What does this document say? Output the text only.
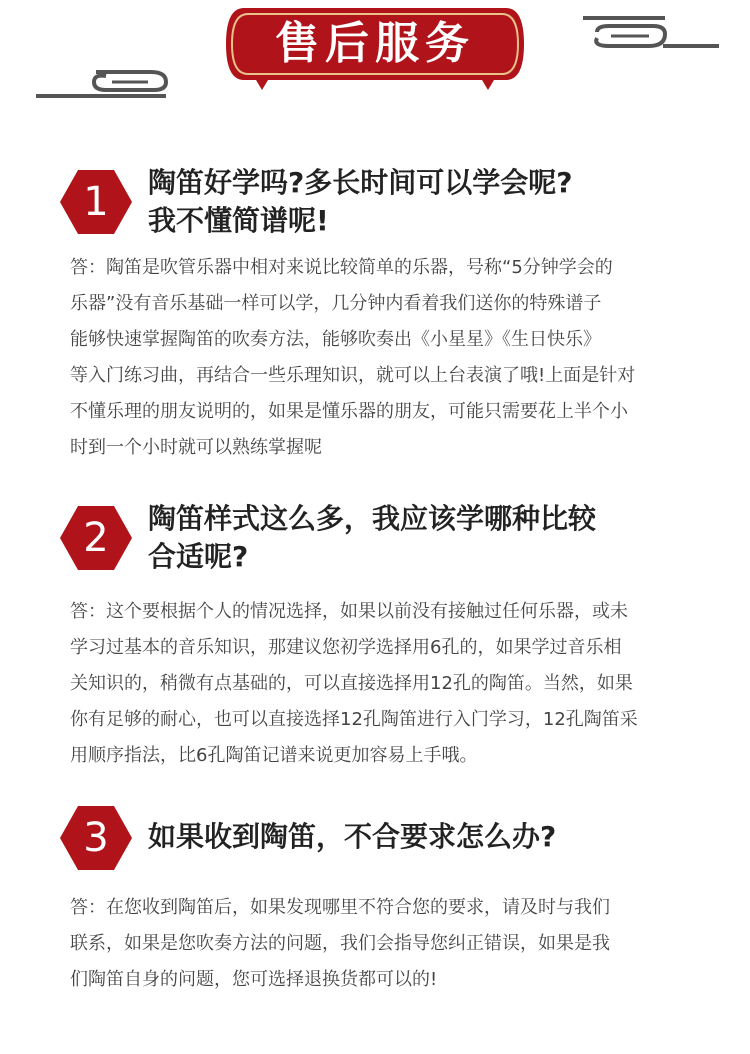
售后服务
1	陶笛好学吗?多长时间可以学会呢?
我不懂简谱呢!
答：陶笛是吹管乐器中相对来说比较简单的乐器，号称“5分钟学会的
乐器”没有音乐基础一样可以学，几分钟内看着我们送你的特殊谱子
能够快速掌握陶笛的吹奏方法，能够吹奏出《小星星》《生日快乐》
等入门练习曲，再结合一些乐理知识，就可以上台表演了哦!上面是针对
不懂乐理的朋友说明的，如果是懂乐器的朋友，可能只需要花上半个小
时到一个小时就可以熟练掌握呢
2	陶笛样式这么多，我应该学哪种比较
合适呢?
答：这个要根据个人的情况选择，如果以前没有接触过任何乐器，或未
学习过基本的音乐知识，那建议您初学选择用6孔的，如果学过音乐相
关知识的，稍微有点基础的，可以直接选择用12孔的陶笛。当然，如果
你有足够的耐心，也可以直接选择12孔陶笛进行入门学习，12孔陶笛采
用顺序指法，比6孔陶笛记谱来说更加容易上手哦。
3	如果收到陶笛，不合要求怎么办?
答：在您收到陶笛后，如果发现哪里不符合您的要求，请及时与我们
联系，如果是您吹奏方法的问题，我们会指导您纠正错误，如果是我
们陶笛自身的问题，您可选择退换货都可以的!
